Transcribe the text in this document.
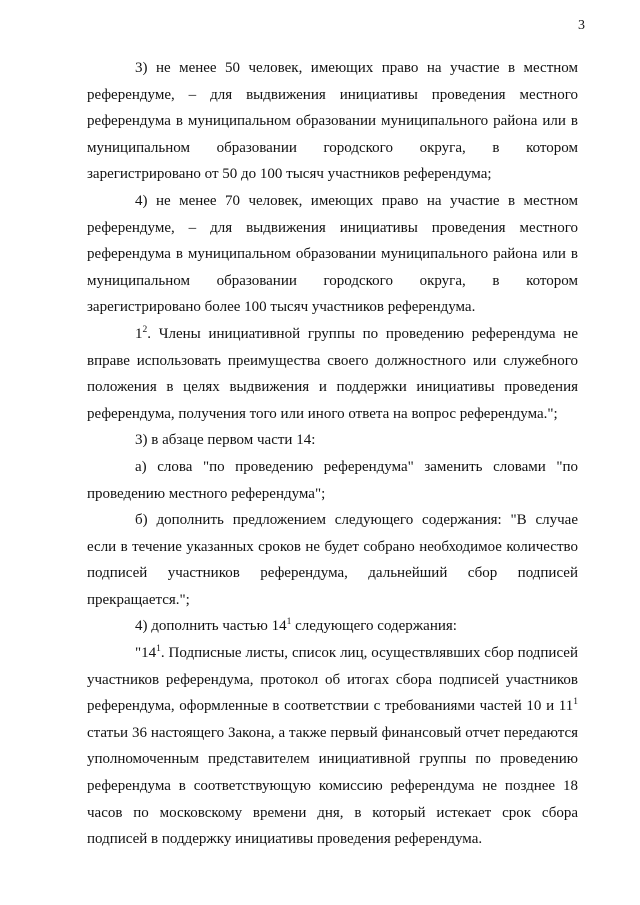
3

3) не менее 50 человек, имеющих право на участие в местном референдуме, – для выдвижения инициативы проведения местного референдума в муниципальном образовании муниципального района или в муниципальном образовании городского округа, в котором зарегистрировано от 50 до 100 тысяч участников референдума;

4) не менее 70 человек, имеющих право на участие в местном референдуме, – для выдвижения инициативы проведения местного референдума в муниципальном образовании муниципального района или в муниципальном образовании городского округа, в котором зарегистрировано более 100 тысяч участников референдума.

$1^2$. Члены инициативной группы по проведению референдума не вправе использовать преимущества своего должностного или служебного положения в целях выдвижения и поддержки инициативы проведения референдума, получения того или иного ответа на вопрос референдума.";

3) в абзаце первом части 14:

а) слова "по проведению референдума" заменить словами "по проведению местного референдума";

б) дополнить предложением следующего содержания: "В случае если в течение указанных сроков не будет собрано необходимое количество подписей участников референдума, дальнейший сбор подписей прекращается.";

4) дополнить частью $14^1$ следующего содержания:

"$14^1$. Подписные листы, список лиц, осуществлявших сбор подписей участников референдума, протокол об итогах сбора подписей участников референдума, оформленные в соответствии с требованиями частей 10 и $11^1$ статьи 36 настоящего Закона, а также первый финансовый отчет передаются уполномоченным представителем инициативной группы по проведению референдума в соответствующую комиссию референдума не позднее 18 часов по московскому времени дня, в который истекает срок сбора подписей в поддержку инициативы проведения референдума.
